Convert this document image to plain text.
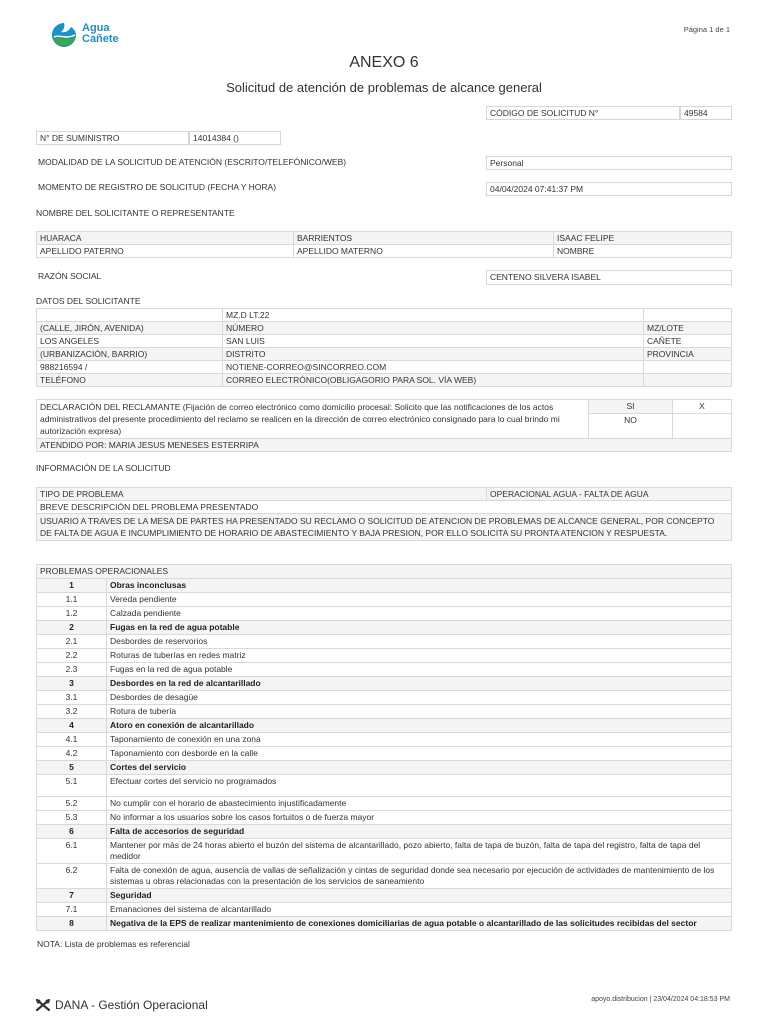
Agua
Cañete
Página 1 de 1
ANEXO 6
Solicitud de atención de problemas de alcance general
CÓDIGO DE SOLICITUD N°	49584
N° DE SUMINISTRO	14014384 ()
MODALIDAD DE LA SOLICITUD DE ATENCIÓN (ESCRITO/TELEFÓNICO/WEB)	Personal
MOMENTO DE REGISTRO DE SOLICITUD (FECHA Y HORA)	04/04/2024 07:41:37 PM
NOMBRE DEL SOLICITANTE O REPRESENTANTE
HUARACA	BARRIENTOS	ISAAC FELIPE
APELLIDO PATERNO	APELLIDO MATERNO	NOMBRE
RAZÓN SOCIAL	CENTENO SILVERA ISABEL
DATOS DEL SOLICITANTE
	MZ.D LT.22	
(CALLE, JIRÓN, AVENIDA)	NÚMERO	MZ/LOTE
LOS ANGELES	SAN LUIS	CAÑETE
(URBANIZACIÓN, BARRIO)	DISTRITO	PROVINCIA
988216594 /	NOTIENE-CORREO@SINCORREO.COM	
TELÉFONO	CORREO ELECTRÓNICO(OBLIGAGORIO PARA SOL. VÍA WEB)	
DECLARACIÓN DEL RECLAMANTE (Fijación de correo electrónico como domicilio procesal: Solicito que las notificaciones de los actos administrativos del presente procedimiento del reclamo se realicen en la dirección de correo electrónico consignado para lo cual brindo mi autorización expresa)	SI	X
	NO	
ATENDIDO POR: MARIA JESUS MENESES ESTERRIPA		
INFORMACIÓN DE LA SOLICITUD
TIPO DE PROBLEMA	OPERACIONAL AGUA - FALTA DE AGUA
BREVE DESCRIPCIÓN DEL PROBLEMA PRESENTADO
USUARIO A TRAVES DE LA MESA DE PARTES HA PRESENTADO SU RECLAMO O SOLICITUD DE ATENCION DE PROBLEMAS DE ALCANCE GENERAL, POR CONCEPTO DE FALTA DE AGUA E INCUMPLIMIENTO DE HORARIO DE ABASTECIMIENTO Y BAJA PRESION, POR ELLO SOLICITA SU PRONTA ATENCION Y RESPUESTA.
PROBLEMAS OPERACIONALES	
1	Obras inconclusas
1.1	Vereda pendiente
1.2	Calzada pendiente
2	Fugas en la red de agua potable
2.1	Desbordes de reservorios
2.2	Roturas de tuberías en redes matriz
2.3	Fugas en la red de agua potable
3	Desbordes en la red de alcantarillado
3.1	Desbordes de desagüe
3.2	Rotura de tubería
4	Atoro en conexión de alcantarillado
4.1	Taponamiento de conexión en una zona
4.2	Taponamiento con desborde en la calle
5	Cortes del servicio
5.1	Efectuar cortes del servicio no programados
5.2	No cumplir con el horario de abastecimiento injustificadamente
5.3	No informar a los usuarios sobre los casos fortuitos o de fuerza mayor
6	Falta de accesorios de seguridad
6.1	Mantener por más de 24 horas abierto el buzón del sistema de alcantarillado, pozo abierto, falta de tapa de buzón, falta de tapa del registro, falta de tapa del medidor
6.2	Falta de conexión de agua, ausencia de vallas de señalización y cintas de seguridad donde sea necesario por ejecución de actividades de mantenimiento de los sistemas u obras relacionadas con la presentación de los servicios de saneamiento
7	Seguridad
7.1	Emanaciones del sistema de alcantarillado
8	Negativa de la EPS de realizar mantenimiento de conexiones domiciliarias de agua potable o alcantarillado de las solicitudes recibidas del sector
NOTA: Lista de problemas es referencial
DANA - Gestión Operacional	apoyo.distribucion | 23/04/2024 04:18:53 PM
